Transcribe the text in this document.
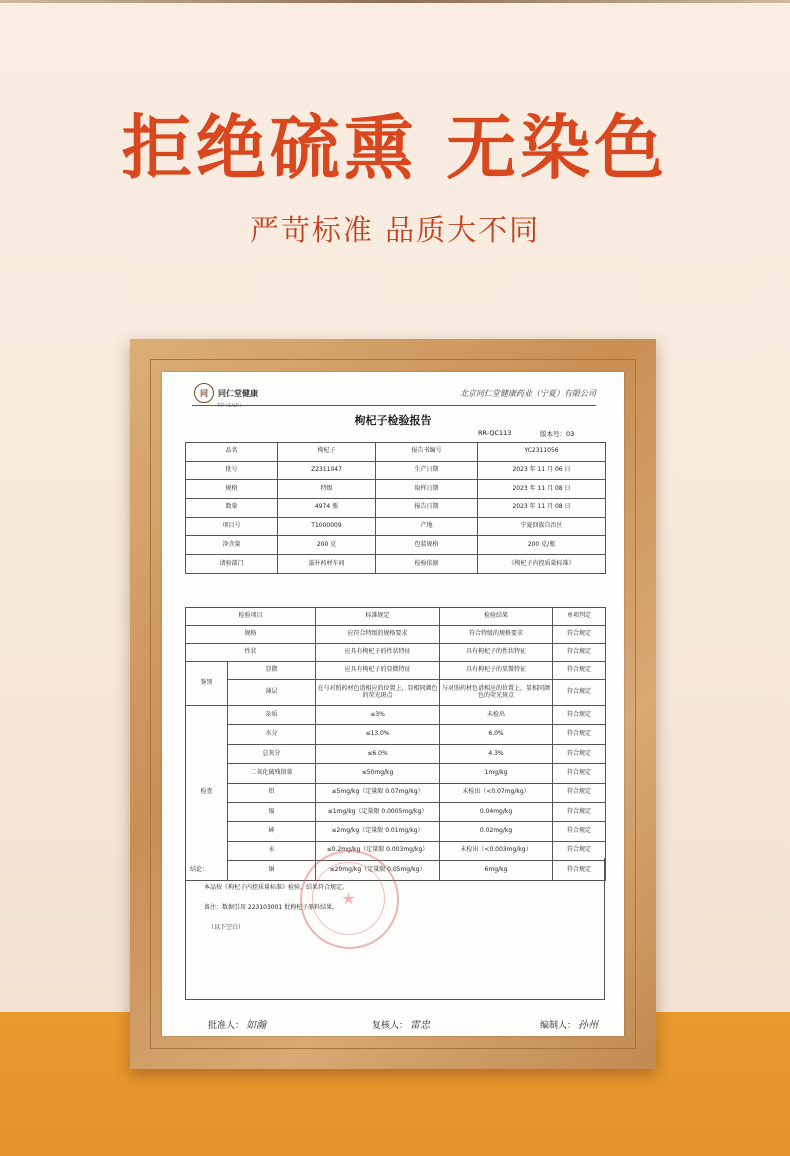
拒绝硫熏 无染色
严苛标准 品质大不同
同	同仁堂健康
TRT HEALTH
北京同仁堂健康药业（宁夏）有限公司
枸杞子检验报告
RR-QC113	版本号：03
品名	枸杞子	报告书编号	YC2311056
批号	Z2311047	生产日期	2023 年 11 月 06 日
规格	特级	取样日期	2023 年 11 月 08 日
数量	4974 瓶	报告日期	2023 年 11 月 08 日
项目号	T1000009	产地	宁夏回族自治区
净含量	200 克	包装规格	200 克/瓶
请验部门	滋补药材车间	检验依据	《枸杞子内控质量标准》
检验项目		标准规定	检验结果	单项判定
规格		应符合特级的规格要求	符合特级的规格要求	符合规定
性状		应具有枸杞子的性状特征	具有枸杞子的性状特征	符合规定
鉴别	显微	应具有枸杞子的显微特征	具有枸杞子的显微特征	符合规定
	薄层	在与对照药材色谱相应的位置上，显相同颜色的荧光斑点	与对照药材色谱相应的位置上，显相同颜色的荧光斑点	符合规定
检查	杂质	≤3%	未检出	符合规定
	水分	≤13.0%	6.0%	符合规定
	总灰分	≤6.0%	4.3%	符合规定
	二氧化硫残留量	≤50mg/kg	1mg/kg	符合规定
	铅	≤5mg/kg（定量限 0.07mg/kg）	未检出（<0.07mg/kg）	符合规定
	镉	≤1mg/kg（定量限 0.0005mg/kg）	0.04mg/kg	符合规定
	砷	≤2mg/kg（定量限 0.01mg/kg）	0.02mg/kg	符合规定
	汞	≤0.2mg/kg（定量限 0.003mg/kg）	未检出（<0.003mg/kg）	符合规定
	铜	≤20mg/kg（定量限 0.05mg/kg）	6mg/kg	符合规定
结论：
本品按《枸杞子内控质量标准》检验，结果符合规定。
备注：数据引用 223103001 批枸杞子原料结果。
（以下空白）
★
批准人： 如瀚	复核人： 雷忠	编制人： 孙州
